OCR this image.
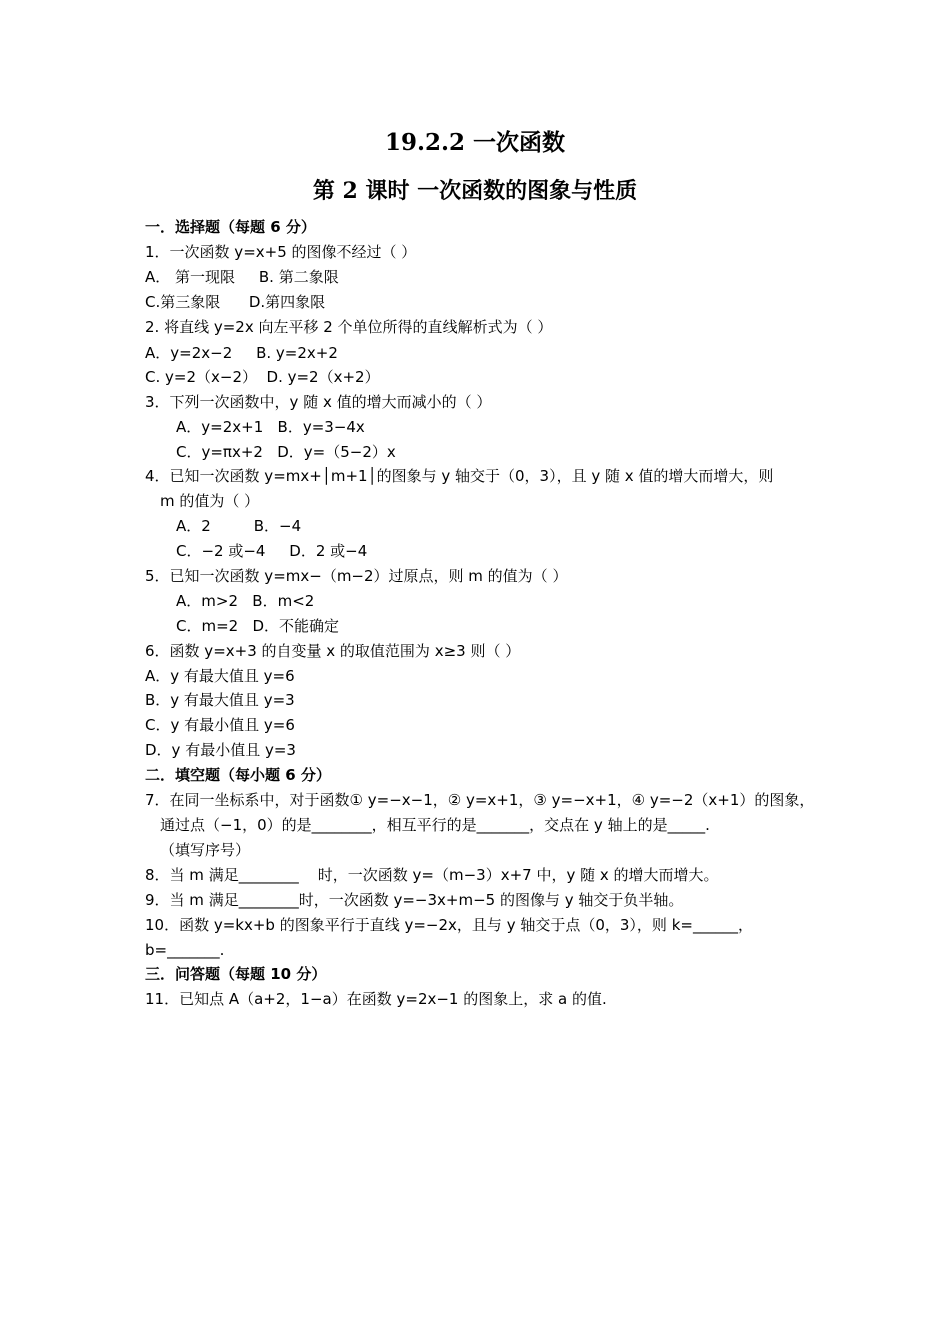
19.2.2 一次函数
第 2 课时 一次函数的图象与性质
一．选择题（每题 6 分）
1．一次函数 y=x+5 的图像不经过（ ）
A． 第一现限     B. 第二象限
C.第三象限      D.第四象限
2. 将直线 y=2x 向左平移 2 个单位所得的直线解析式为（ ）
A．y=2x−2     B. y=2x+2
C. y=2（x−2）  D. y=2（x+2）
3．下列一次函数中，y 随 x 值的增大而减小的（ ）
A．y=2x+1   B．y=3−4x
C．y=πx+2   D．y=（5−2）x
4．已知一次函数 y=mx+│m+1│的图象与 y 轴交于（0，3），且 y 随 x 值的增大而增大，则
m 的值为（ ）
A．2         B．−4
C．−2 或−4     D．2 或−4
5．已知一次函数 y=mx−（m−2）过原点，则 m 的值为（ ）
A．m>2   B．m<2
C．m=2   D．不能确定
6．函数 y=x+3 的自变量 x 的取值范围为 x≥3 则（ ）
A．y 有最大值且 y=6
B．y 有最大值且 y=3
C．y 有最小值且 y=6
D．y 有最小值且 y=3
二．填空题（每小题 6 分）
7．在同一坐标系中，对于函数① y=−x−1，② y=x+1，③ y=−x+1，④ y=−2（x+1）的图象，
通过点（−1，0）的是________，相互平行的是_______，交点在 y 轴上的是_____.
（填写序号）
8．当 m 满足________    时，一次函数 y=（m−3）x+7 中，y 随 x 的增大而增大。
9．当 m 满足________时，一次函数 y=−3x+m−5 的图像与 y 轴交于负半轴。
10．函数 y=kx+b 的图象平行于直线 y=−2x，且与 y 轴交于点（0，3），则 k=______，
b=_______.
三．问答题（每题 10 分）
11．已知点 A（a+2，1−a）在函数 y=2x−1 的图象上，求 a 的值.
